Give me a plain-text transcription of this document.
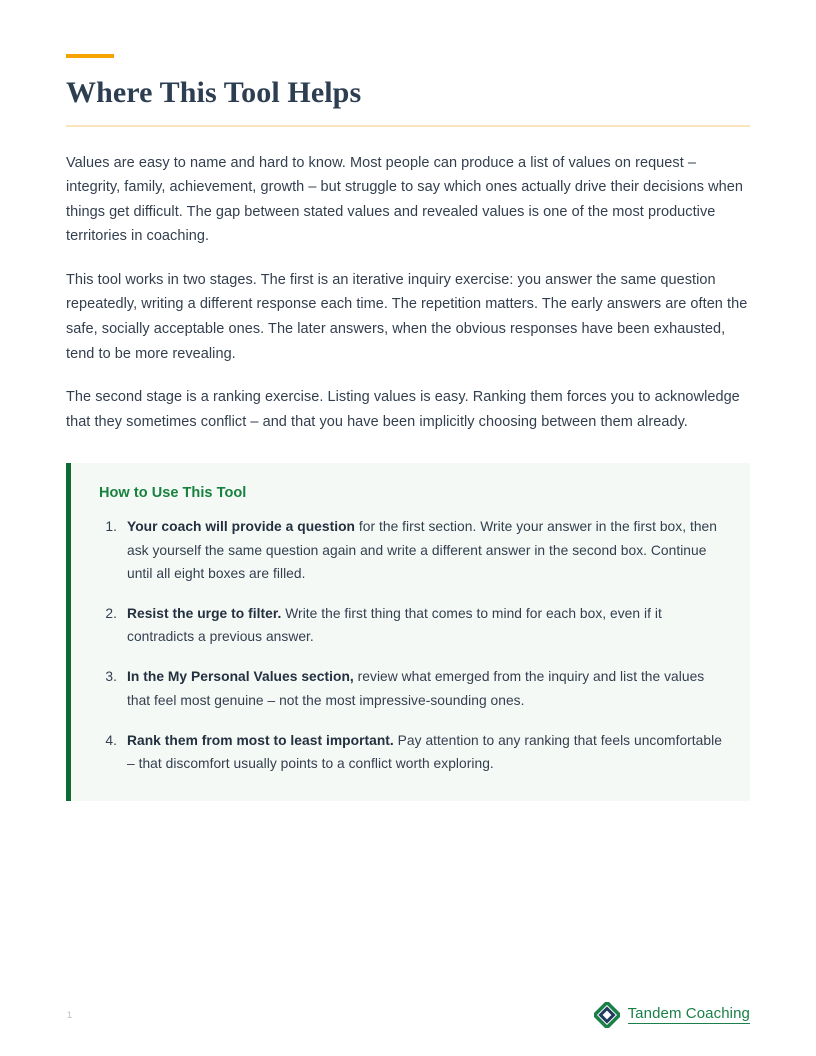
Where This Tool Helps

Values are easy to name and hard to know. Most people can produce a list of values on request – integrity, family, achievement, growth – but struggle to say which ones actually drive their decisions when things get difficult. The gap between stated values and revealed values is one of the most productive territories in coaching.

This tool works in two stages. The first is an iterative inquiry exercise: you answer the same question repeatedly, writing a different response each time. The repetition matters. The early answers are often the safe, socially acceptable ones. The later answers, when the obvious responses have been exhausted, tend to be more revealing.

The second stage is a ranking exercise. Listing values is easy. Ranking them forces you to acknowledge that they sometimes conflict – and that you have been implicitly choosing between them already.

How to Use This Tool
Your coach will provide a question for the first section. Write your answer in the first box, then ask yourself the same question again and write a different answer in the second box. Continue until all eight boxes are filled.
Resist the urge to filter. Write the first thing that comes to mind for each box, even if it contradicts a previous answer.
In the My Personal Values section, review what emerged from the inquiry and list the values that feel most genuine – not the most impressive-sounding ones.
Rank them from most to least important. Pay attention to any ranking that feels uncomfortable – that discomfort usually points to a conflict worth exploring.
1	Tandem Coaching
